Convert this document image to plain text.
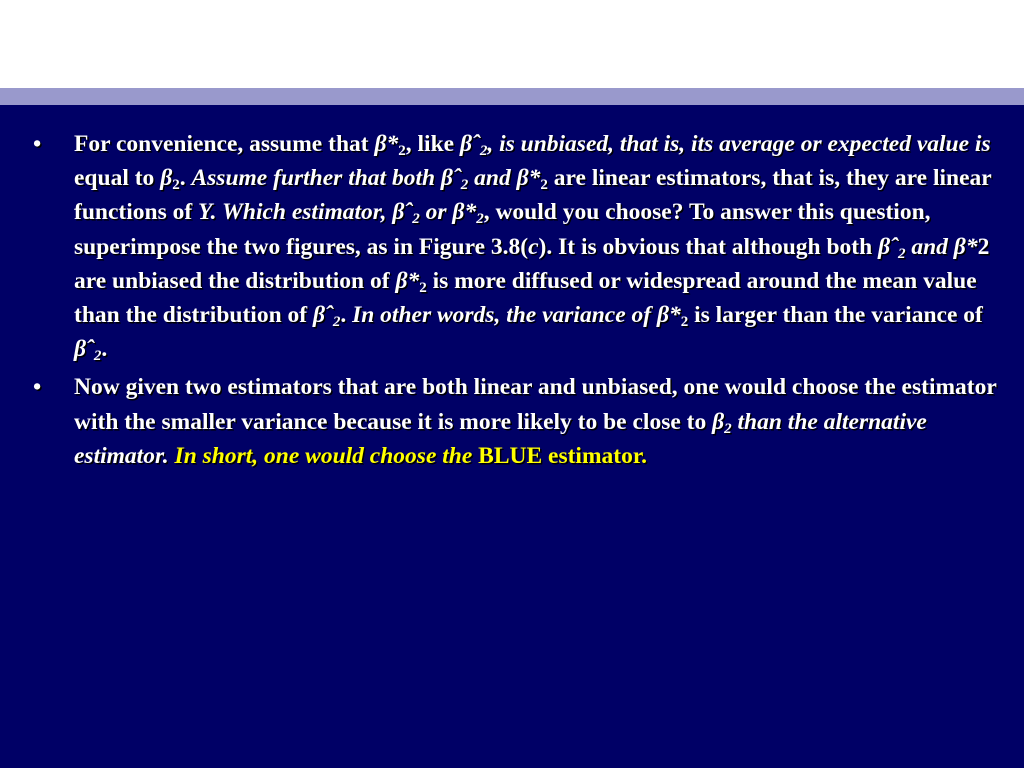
• For convenience, assume that $\beta*_2$, like βˆ$_2$, is unbiased, that is, its average or expected value is equal to $\beta_2$. Assume further that both βˆ$_2$ and $\beta*_2$ are linear estimators, that is, they are linear functions of Y. Which estimator, βˆ$_2$ or $\beta*_2$, would you choose? To answer this question, superimpose the two figures, as in Figure 3.8(c). It is obvious that although both βˆ$_2$ and β*2 are unbiased the distribution of $\beta*_2$ is more diffused or widespread around the mean value than the distribution of βˆ$_2$. In other words, the variance of $\beta*_2$ is larger than the variance of βˆ$_2$.
• Now given two estimators that are both linear and unbiased, one would choose the estimator with the smaller variance because it is more likely to be close to $\beta_2$ than the alternative estimator. In short, one would choose the BLUE estimator.
